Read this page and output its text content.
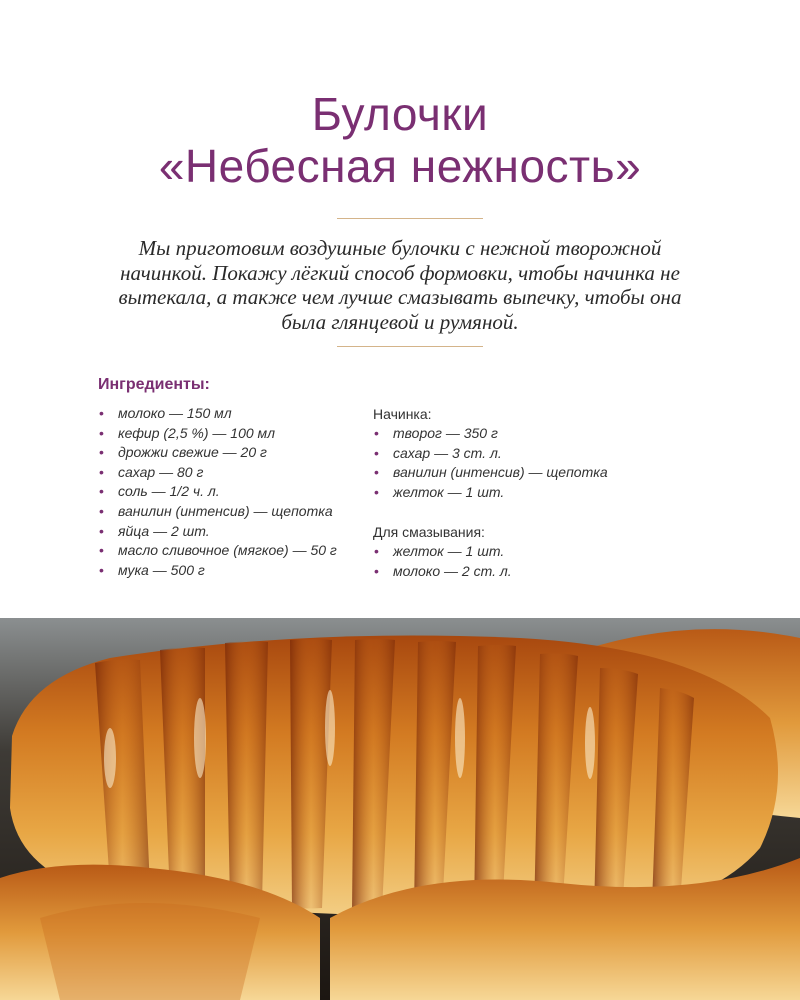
Булочки
«Небесная нежность»
Мы приготовим воздушные булочки с нежной творожной начинкой. Покажу лёгкий способ формовки, чтобы начинка не вытекала, а также чем лучше смазывать выпечку, чтобы она была глянцевой и румяной.
Ингредиенты:
• молоко — 150 мл
• кефир (2,5 %) — 100 мл
• дрожжи свежие — 20 г
• сахар — 80 г
• соль — 1/2 ч. л.
• ванилин (интенсив) — щепотка
• яйца — 2 шт.
• масло сливочное (мягкое) — 50 г
• мука — 500 г
Начинка:
• творог — 350 г
• сахар — 3 ст. л.
• ванилин (интенсив) — щепотка
• желток — 1 шт.
Для смазывания:
• желток — 1 шт.
• молоко — 2 ст. л.
